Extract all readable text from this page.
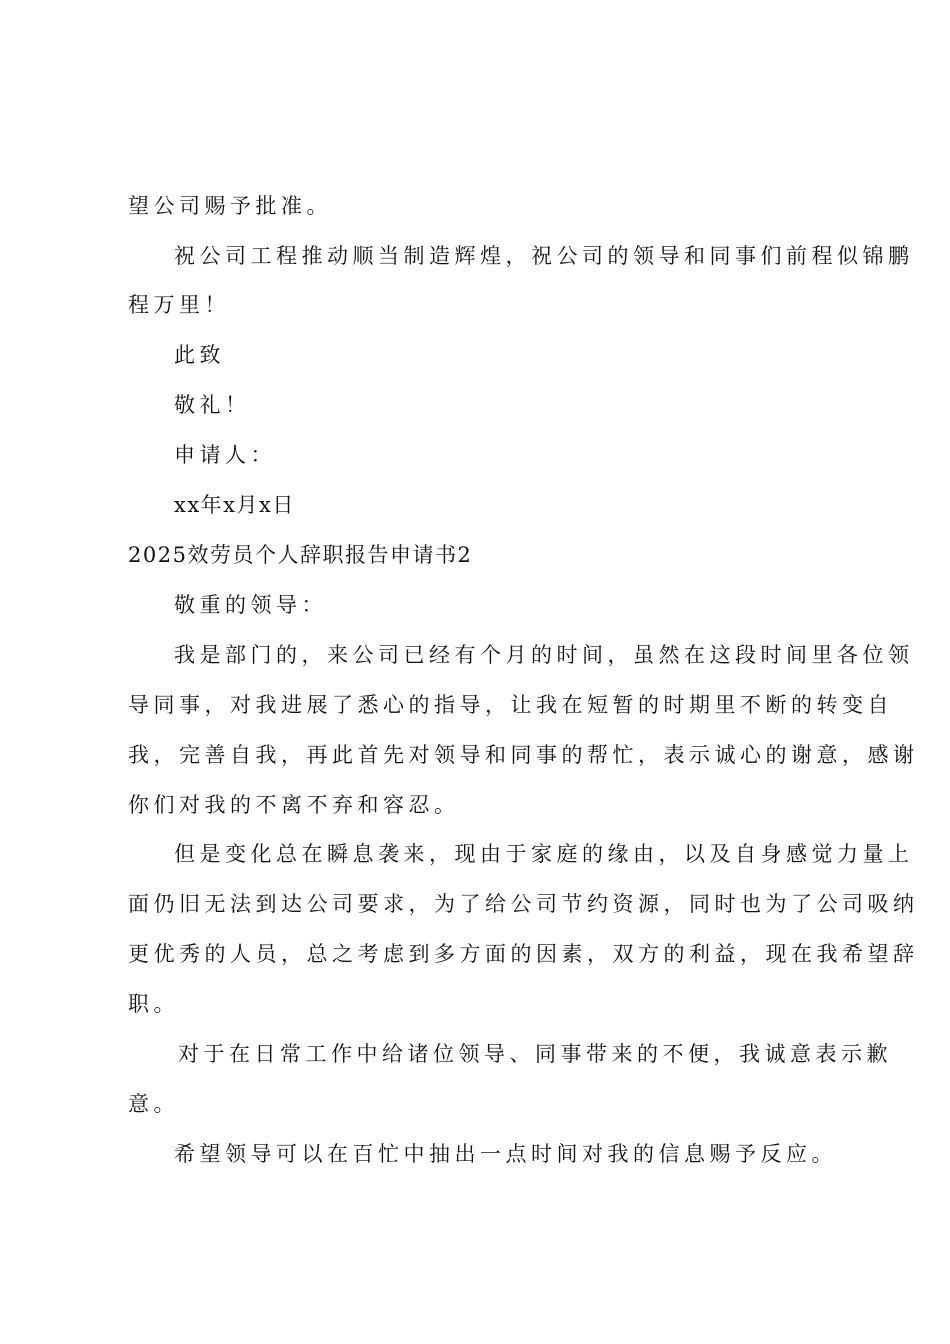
望公司赐予批准。
祝公司工程推动顺当制造辉煌，祝公司的领导和同事们前程似锦鹏
程万里！
此致
敬礼！
申请人：
xx年x月x日
2025效劳员个人辞职报告申请书2
敬重的领导：
我是部门的，来公司已经有个月的时间，虽然在这段时间里各位领
导同事，对我进展了悉心的指导，让我在短暂的时期里不断的转变自
我，完善自我，再此首先对领导和同事的帮忙，表示诚心的谢意，感谢
你们对我的不离不弃和容忍。
但是变化总在瞬息袭来，现由于家庭的缘由，以及自身感觉力量上
面仍旧无法到达公司要求，为了给公司节约资源，同时也为了公司吸纳
更优秀的人员，总之考虑到多方面的因素，双方的利益，现在我希望辞
职。
对于在日常工作中给诸位领导、同事带来的不便，我诚意表示歉
意。
希望领导可以在百忙中抽出一点时间对我的信息赐予反应。
